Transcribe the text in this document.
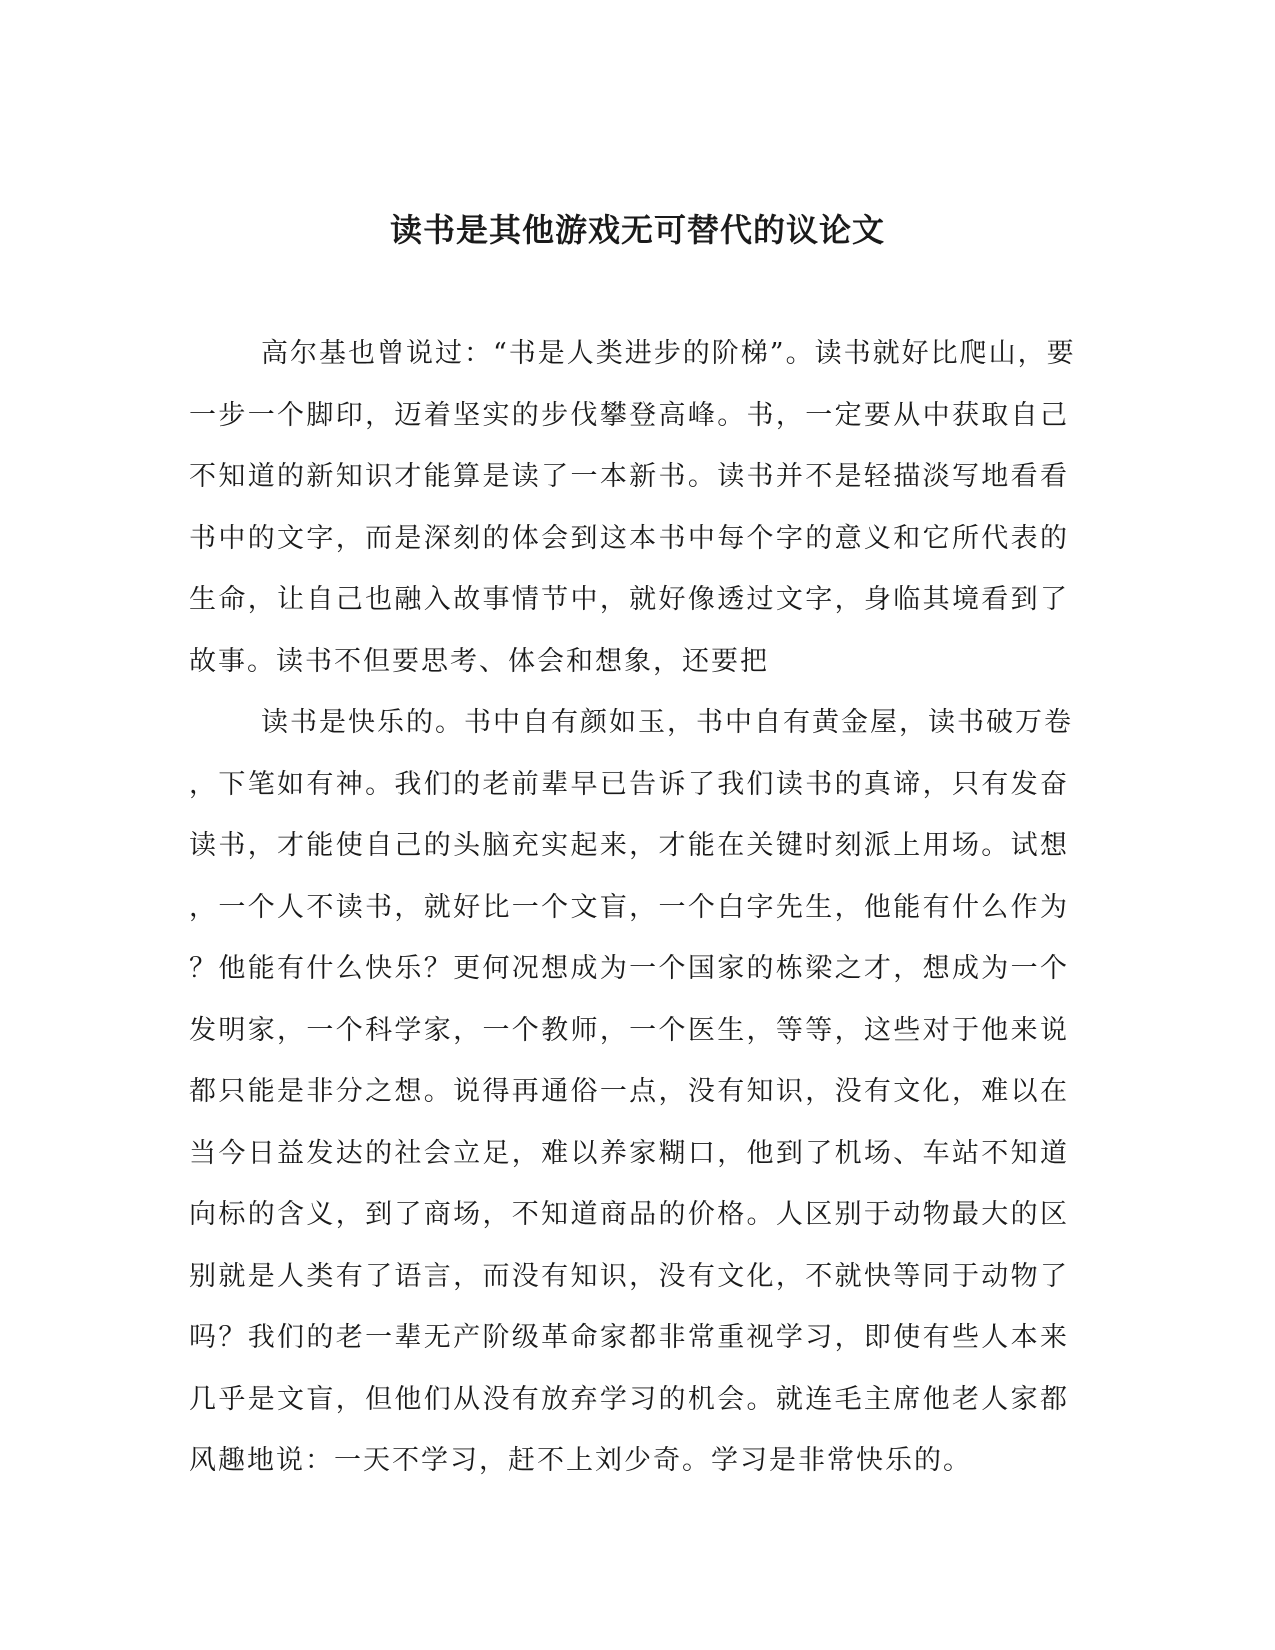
读书是其他游戏无可替代的议论文

高尔基也曾说过：“书是人类进步的阶梯”。读书就好比爬山，要
一步一个脚印，迈着坚实的步伐攀登高峰。书，一定要从中获取自己
不知道的新知识才能算是读了一本新书。读书并不是轻描淡写地看看
书中的文字，而是深刻的体会到这本书中每个字的意义和它所代表的
生命，让自己也融入故事情节中，就好像透过文字，身临其境看到了
故事。读书不但要思考、体会和想象，还要把

读书是快乐的。书中自有颜如玉，书中自有黄金屋，读书破万卷
，下笔如有神。我们的老前辈早已告诉了我们读书的真谛，只有发奋
读书，才能使自己的头脑充实起来，才能在关键时刻派上用场。试想
，一个人不读书，就好比一个文盲，一个白字先生，他能有什么作为
？他能有什么快乐？更何况想成为一个国家的栋梁之才，想成为一个
发明家，一个科学家，一个教师，一个医生，等等，这些对于他来说
都只能是非分之想。说得再通俗一点，没有知识，没有文化，难以在
当今日益发达的社会立足，难以养家糊口，他到了机场、车站不知道
向标的含义，到了商场，不知道商品的价格。人区别于动物最大的区
别就是人类有了语言，而没有知识，没有文化，不就快等同于动物了
吗？我们的老一辈无产阶级革命家都非常重视学习，即使有些人本来
几乎是文盲，但他们从没有放弃学习的机会。就连毛主席他老人家都
风趣地说：一天不学习，赶不上刘少奇。学习是非常快乐的。
